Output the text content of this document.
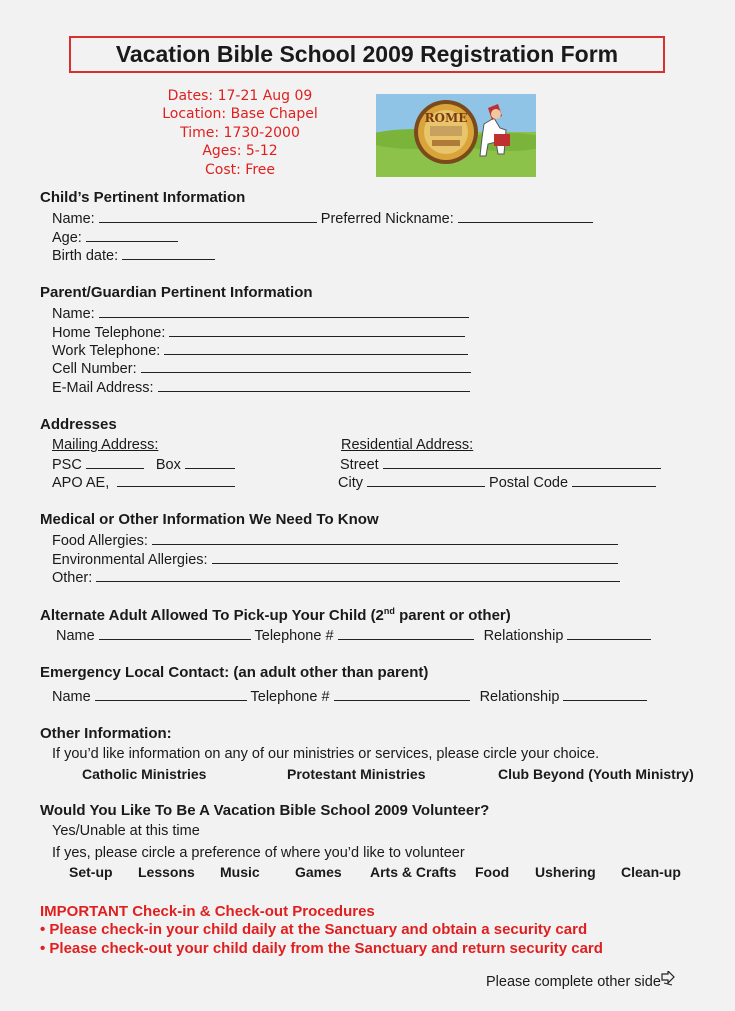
Vacation Bible School 2009 Registration Form
Dates: 17-21 Aug 09
Location: Base Chapel
Time: 1730-2000
Ages: 5-12
Cost: Free
ROME
Child’s Pertinent Information
Name:	Preferred Nickname:
Age:
Birth date:
Parent/Guardian Pertinent Information
Name:
Home Telephone:
Work Telephone:
Cell Number:
E-Mail Address:
Addresses
Mailing Address:	Residential Address:
PSC	Box	Street
APO AE,	City	Postal Code
Medical or Other Information We Need To Know
Food Allergies:
Environmental Allergies:
Other:
Alternate Adult Allowed To Pick-up Your Child (2nd parent or other)
Name	Telephone #	Relationship
Emergency Local Contact: (an adult other than parent)
Name	Telephone #	Relationship
Other Information:
If you’d like information on any of our ministries or services, please circle your choice.
Catholic Ministries	Protestant Ministries	Club Beyond (Youth Ministry)
Would You Like To Be A Vacation Bible School 2009 Volunteer?
Yes/Unable at this time
If yes, please circle a preference of where you’d like to volunteer
Set-up Lessons Music	Games Arts & Crafts Food Ushering Clean-up
IMPORTANT Check-in & Check-out Procedures
• Please check-in your child daily at the Sanctuary and obtain a security card
• Please check-out your child daily from the Sanctuary and return security card
Please complete other side
